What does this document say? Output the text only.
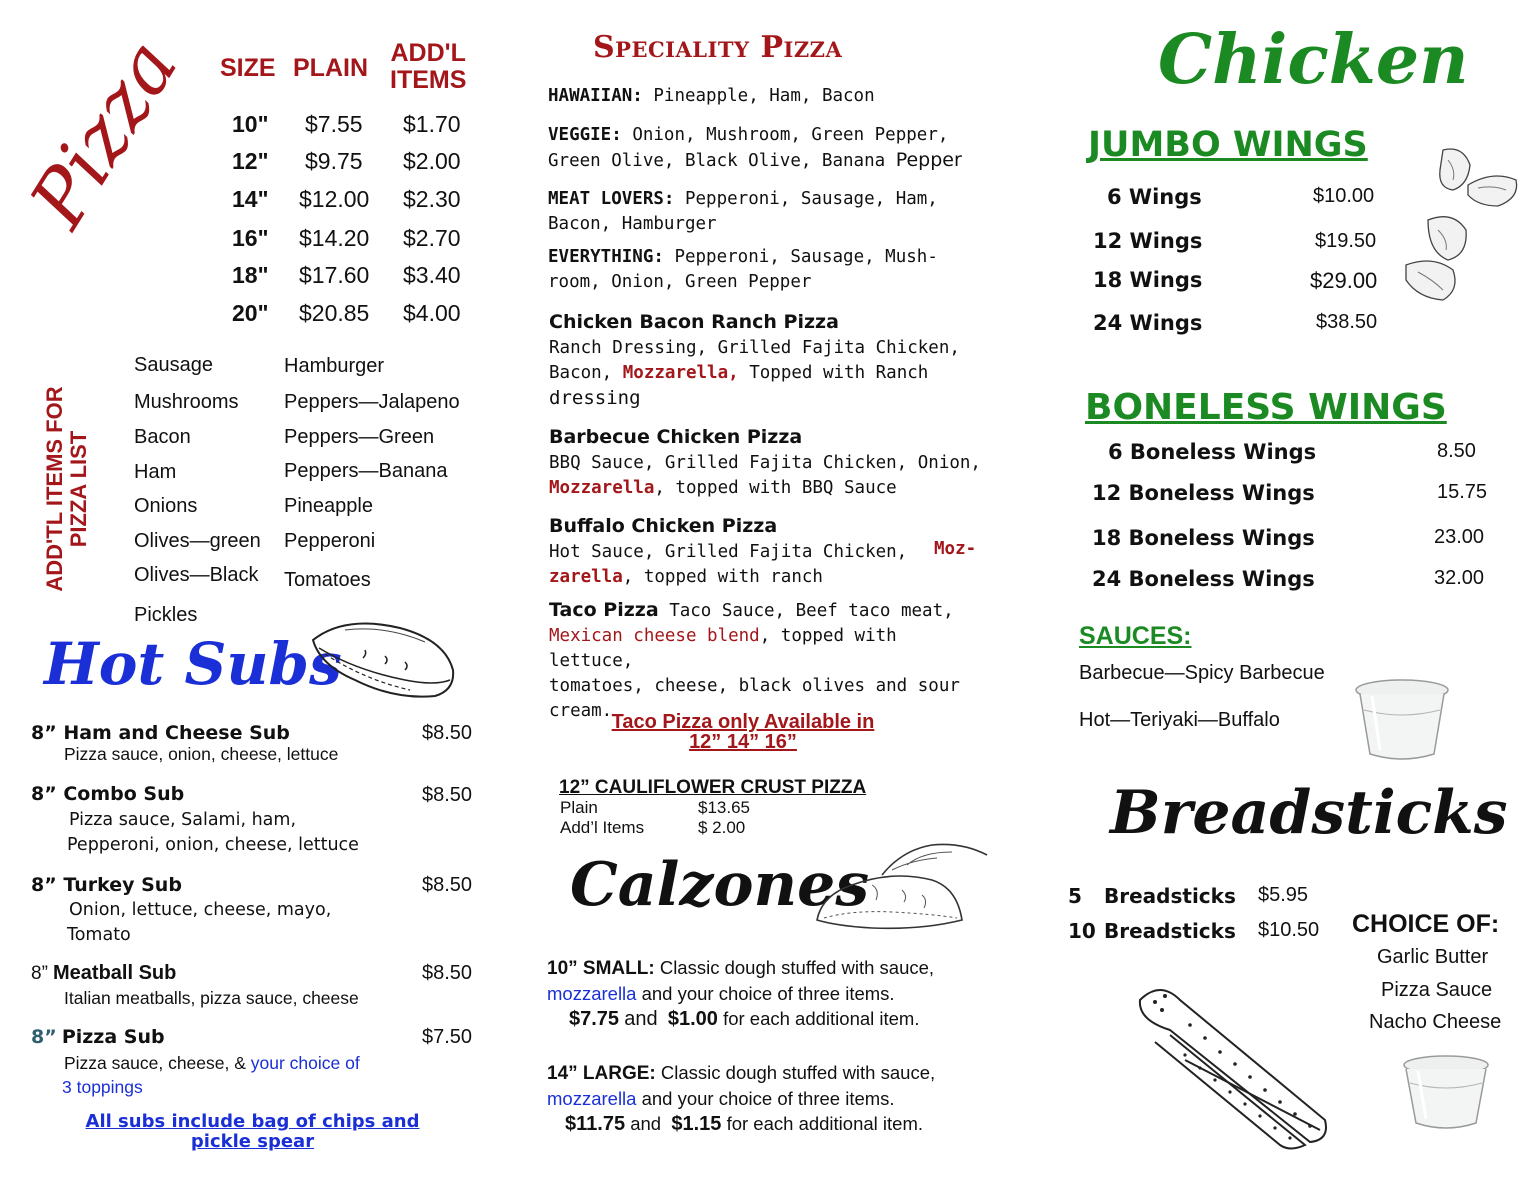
Pizza SIZE PLAIN
ADD'L
ITEMS
10" $7.55 $1.70
12" $9.75 $2.00
14" $12.00 $2.30
16" $14.20 $2.70
18" $17.60 $3.40
20" $20.85 $4.00
ADD'TL ITEMS FOR PIZZA LIST
Sausage
Mushrooms
Bacon
Ham
Onions
Olives—green
Olives—Black
Pickles
Hamburger
Peppers—Jalapeno
Peppers—Green
Peppers—Banana
Pineapple
Pepperoni
Tomatoes
Hot Subs
8” Ham and Cheese Sub	$8.50
Pizza sauce, onion, cheese, lettuce
8” Combo Sub	$8.50
Pizza sauce, Salami, ham,
Pepperoni, onion, cheese, lettuce
8” Turkey Sub	$8.50
Onion, lettuce, cheese, mayo,
Tomato
8” Meatball Sub	$8.50
Italian meatballs, pizza sauce, cheese
8” Pizza Sub	$7.50
Pizza sauce, cheese, & your choice of
3 toppings
All subs include bag of chips and
pickle spear
Speciality Pizza
HAWAIIAN: Pineapple, Ham, Bacon
VEGGIE: Onion, Mushroom, Green Pepper,
Green Olive, Black Olive, Banana Pepper
MEAT LOVERS: Pepperoni, Sausage, Ham,
Bacon, Hamburger
EVERYTHING: Pepperoni, Sausage, Mush-
room, Onion, Green Pepper
Chicken Bacon Ranch Pizza
Ranch Dressing, Grilled Fajita Chicken,
Bacon, Mozzarella, Topped with Ranch
dressing
Barbecue Chicken Pizza
BBQ Sauce, Grilled Fajita Chicken, Onion,
Mozzarella, topped with BBQ Sauce
Buffalo Chicken Pizza
Hot Sauce, Grilled Fajita Chicken,
zarella, topped with ranch
Moz-
Taco Pizza Taco Sauce, Beef taco meat,
Mexican cheese blend, topped with lettuce,
tomatoes, cheese, black olives and sour
cream. Taco Pizza only Available in
12” 14” 16”
12” CAULIFLOWER CRUST PIZZA
Plain	$13.65
Add’l Items	$ 2.00
Calzones
10” SMALL: Classic dough stuffed with sauce,
mozzarella and your choice of three items.
$7.75 and $1.00 for each additional item.
14” LARGE: Classic dough stuffed with sauce,
mozzarella and your choice of three items.
$11.75 and $1.15 for each additional item.
Chicken
JUMBO WINGS
6 Wings	$10.00
12 Wings	$19.50
18 Wings	$29.00
24 Wings	$38.50
BONELESS WINGS
6 Boneless Wings	8.50
12 Boneless Wings	15.75
18 Boneless Wings	23.00
24 Boneless Wings	32.00
SAUCES:
Barbecue—Spicy Barbecue
Hot—Teriyaki—Buffalo
Breadsticks
5 Breadsticks $5.95
10 Breadsticks $10.50 CHOICE OF:
Garlic Butter
Pizza Sauce
Nacho Cheese
